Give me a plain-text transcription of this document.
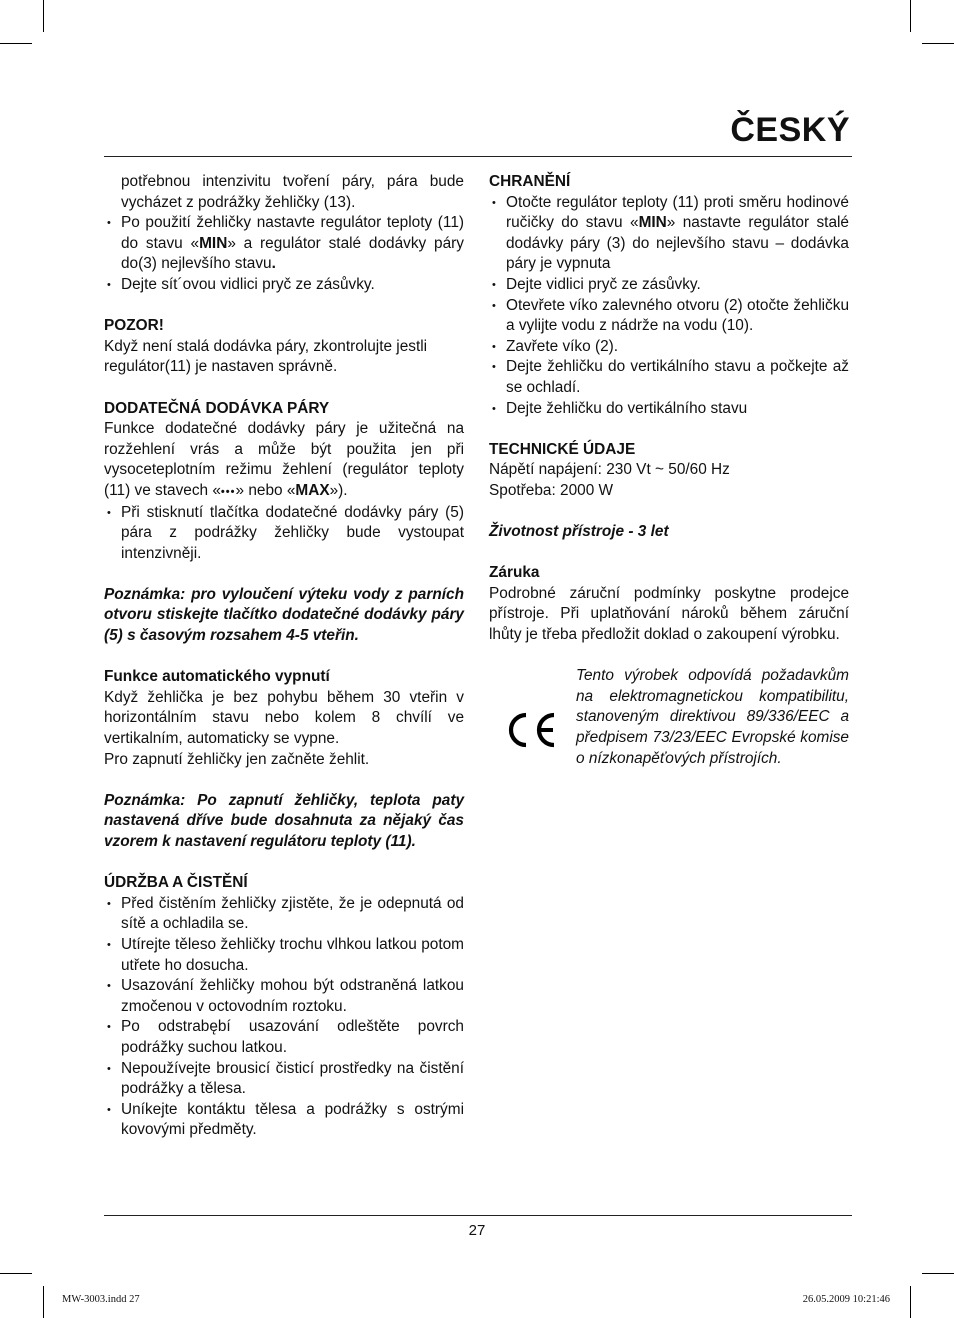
ČESKÝ

potřebnou intenzivitu tvoření páry, pára bude vycházet z podrážky žehličky (13).

• Po použití žehličky nastavte regulátor teploty (11) do stavu «MIN» a regulátor stalé dodávky páry do(3) nejlevšího stavu.
• Dejte sít´ovou vidlici pryč ze zásůvky.

POZOR!

Když není stalá dodávka páry, zkontrolujte jestli regulátor(11) je nastaven správně.

DODATEČNÁ DODÁVKA PÁRY

Funkce dodatečné dodávky páry je užitečná na rozžehlení vrás a může být použita jen při vysoceteplotním režimu žehlení (regulátor teploty (11) ve stavech «•••» nebo «MAX»).

• Při stisknutí tlačítka dodatečné dodávky páry (5) pára z podrážky žehličky bude vystoupat intenzivněji.

Poznámka: pro vyloučení výteku vody z parních otvoru stiskejte tlačítko dodatečné dodávky páry (5) s časovým rozsahem 4-5 vteřin.

Funkce automatického vypnutí

Když žehlička je bez pohybu během 30 vteřin v horizontálním stavu nebo kolem 8 chvílí ve vertikalním, automaticky se vypne.

Pro zapnutí žehličky jen začněte žehlit.

Poznámka: Po zapnutí žehličky, teplota paty nastavená dříve bude dosahnuta za nějaký čas vzorem k nastavení regulátoru teploty (11).

ÚDRŽBA A ČISTĚNÍ

• Před čistěním žehličky zjistěte, že je odepnutá od sítě a ochladila se.
• Utírejte těleso žehličky trochu vlhkou latkou potom utřete ho dosucha.
• Usazování žehličky mohou být odstraněná latkou zmočenou v octovodním roztoku.
• Po odstrabębí usazování odleštěte povrch podrážky suchou latkou.
• Nepoužívejte brousicí čisticí prostředky na čistění podrážky a tělesa.
• Uníkejte kontáktu tělesa a podrážky s ostrými kovovými předměty.

CHRANĚNÍ

• Otočte regulátor teploty (11) proti směru hodinové ručičky do stavu «MIN» nastavte regulátor stalé dodávky páry (3) do nejlevšího stavu – dodávka páry je vypnuta
• Dejte vidlici pryč ze zásůvky.
• Otevřete víko zalevného otvoru (2) otočte žehličku a vylijte vodu z nádrže na vodu (10).
• Zavřete víko (2).
• Dejte žehličku do vertikálního stavu a počkejte až se ochladí.
• Dejte žehličku do vertikálního stavu

TECHNICKÉ ÚDAJE

Nápětí napájení: 230 Vt ~ 50/60 Hz

Spotřeba: 2000 W

Životnost přístroje - 3 let

Záruka

Podrobné záruční podmínky poskytne prodejce přístroje. Při uplatňování nároků během záruční lhůty je třeba předložit doklad o zakoupení výrobku.

Tento výrobek odpovídá požadavkům na elektromagnetickou kompatibilitu, stanoveným direktivou 89/336/EEC a předpisem 73/23/EEC Evropské komise o nízkonapěťových přístrojích.

27
MW-3003.indd 27	26.05.2009 10:21:46
